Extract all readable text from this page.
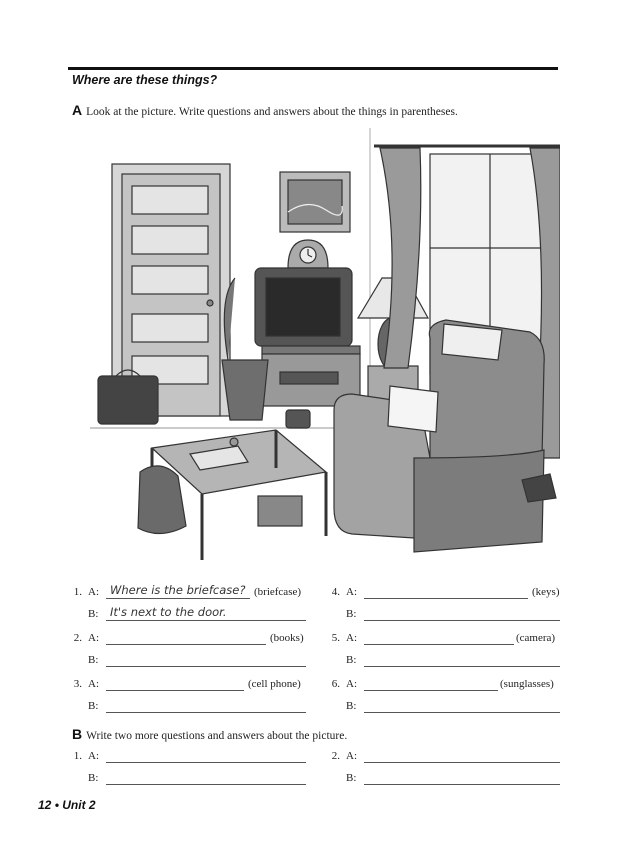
Where are these things?
A Look at the picture. Write questions and answers about the things in parentheses.
1. A: Where is the briefcase? (briefcase)
B: It's next to the door.
2. A:	(books)
B:
3. A:	(cell phone)
B:
4. A:	(keys)
B:
5. A:	(camera)
B:
6. A:	(sunglasses)
B:
B Write two more questions and answers about the picture.
1. A:
B:
2. A:
B:
12 • Unit 2
